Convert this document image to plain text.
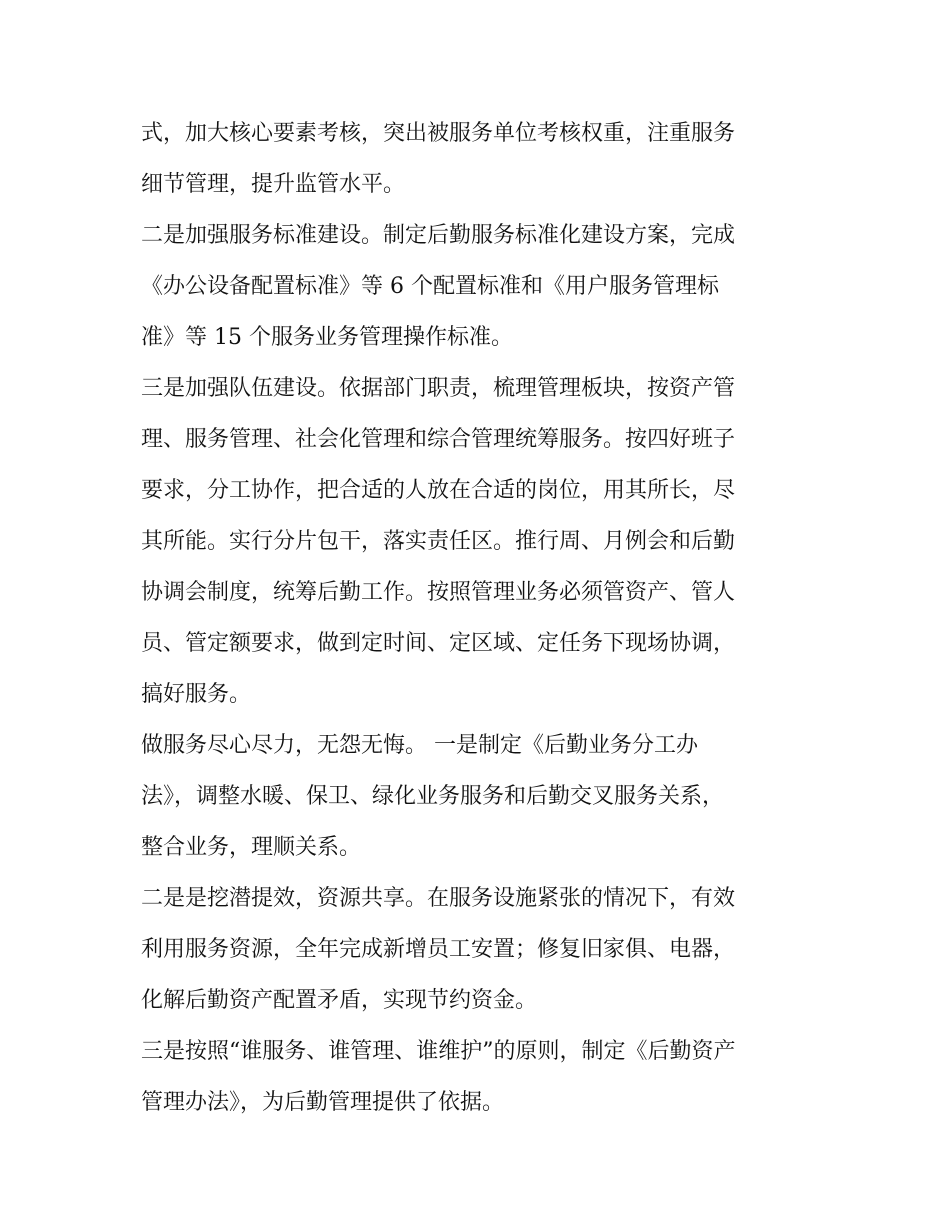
式，加大核心要素考核，突出被服务单位考核权重，注重服务
细节管理，提升监管水平。
二是加强服务标准建设。制定后勤服务标准化建设方案，完成
《办公设备配置标准》等 6 个配置标准和《用户服务管理标
准》等 15 个服务业务管理操作标准。
三是加强队伍建设。依据部门职责，梳理管理板块，按资产管
理、服务管理、社会化管理和综合管理统筹服务。按四好班子
要求，分工协作，把合适的人放在合适的岗位，用其所长，尽
其所能。实行分片包干，落实责任区。推行周、月例会和后勤
协调会制度，统筹后勤工作。按照管理业务必须管资产、管人
员、管定额要求，做到定时间、定区域、定任务下现场协调，
搞好服务。
做服务尽心尽力，无怨无悔。 一是制定《后勤业务分工办
法》，调整水暖、保卫、绿化业务服务和后勤交叉服务关系，
整合业务，理顺关系。
二是是挖潜提效，资源共享。在服务设施紧张的情况下，有效
利用服务资源，全年完成新增员工安置；修复旧家俱、电器，
化解后勤资产配置矛盾，实现节约资金。
三是按照“谁服务、谁管理、谁维护”的原则，制定《后勤资产
管理办法》，为后勤管理提供了依据。
